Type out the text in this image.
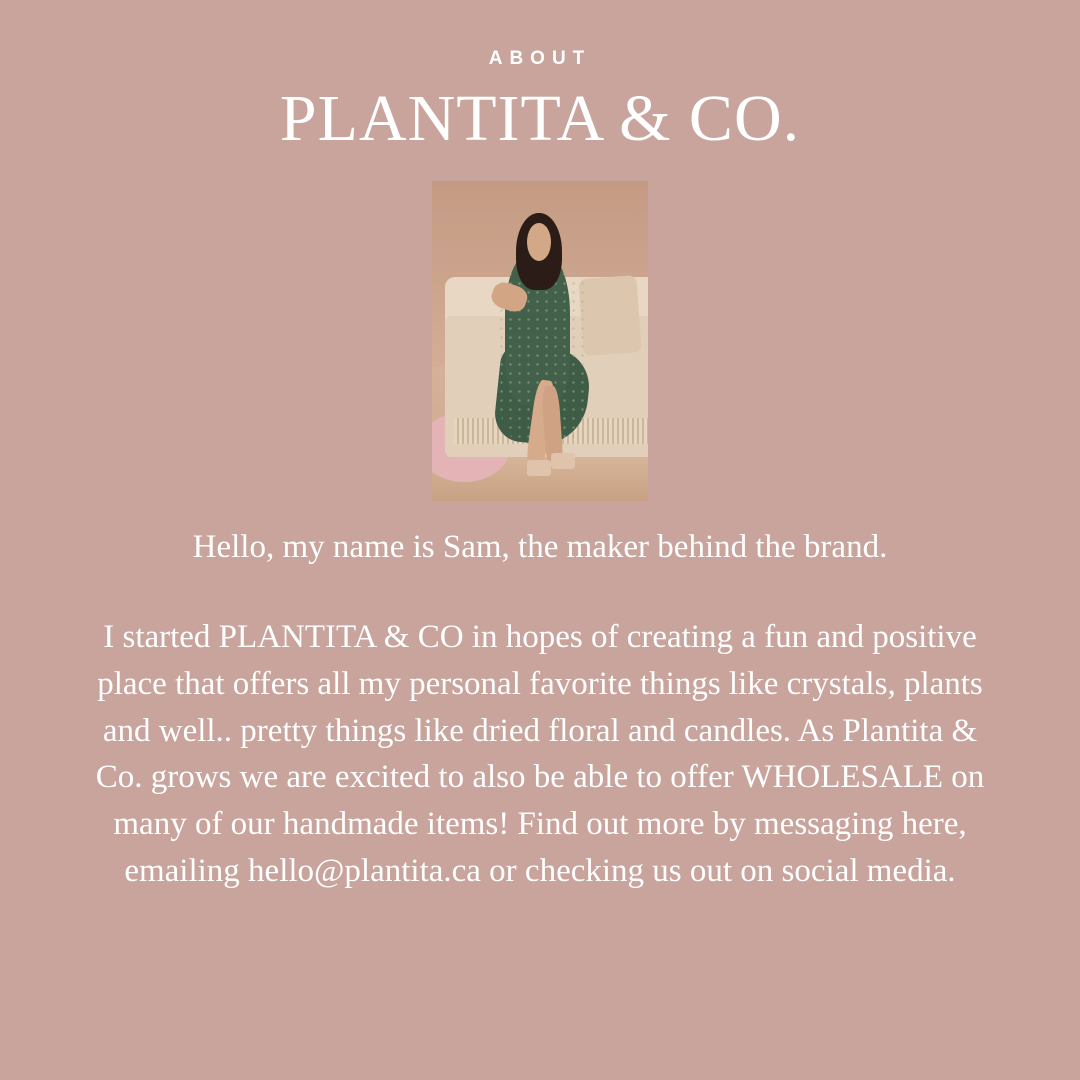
ABOUT
PLANTITA & CO.

Hello, my name is Sam, the maker behind the brand.

I started PLANTITA & CO in hopes of creating a fun and positive place that offers all my personal favorite things like crystals, plants and well.. pretty things like dried floral and candles. As Plantita & Co. grows we are excited to also be able to offer WHOLESALE on many of our handmade items! Find out more by messaging here, emailing hello@plantita.ca or checking us out on social media.
